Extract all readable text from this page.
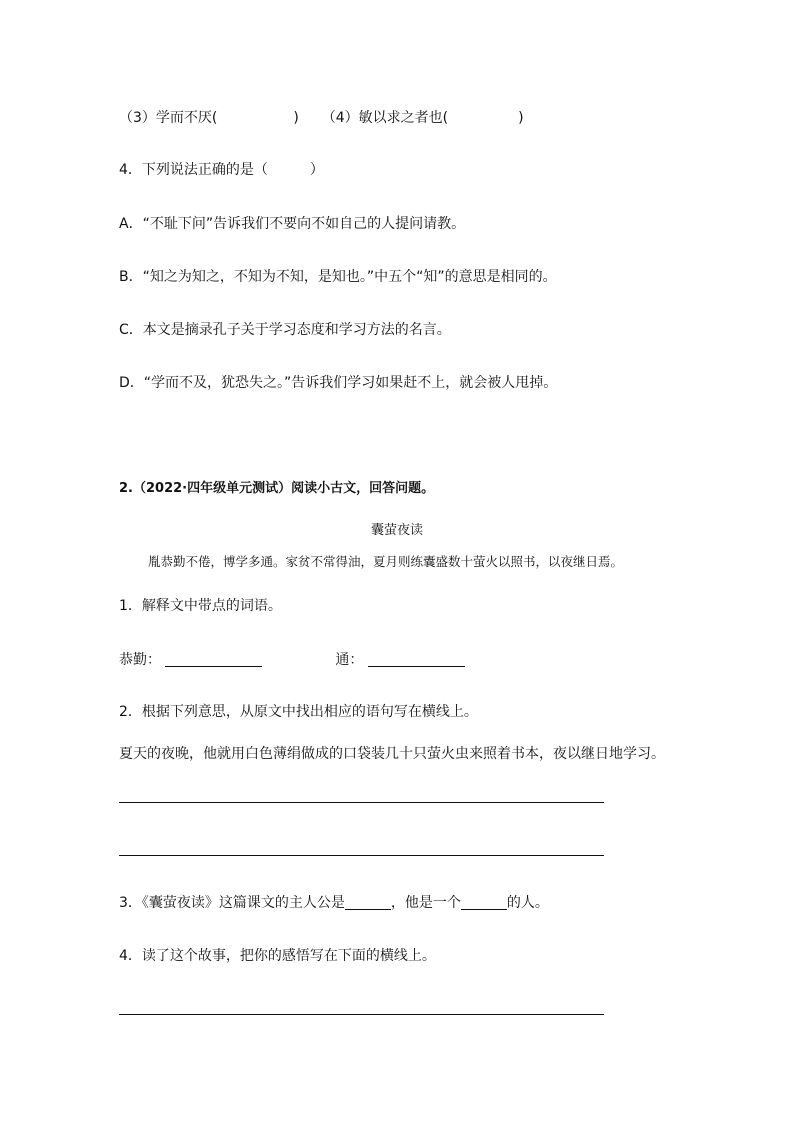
（3）学而不厌(	) （4）敏以求之者也(	)
4．下列说法正确的是（	）
A．“不耻下问”告诉我们不要向不如自己的人提问请教。
B．“知之为知之，不知为不知，是知也。”中五个“知”的意思是相同的。
C．本文是摘录孔子关于学习态度和学习方法的名言。
D．“学而不及，犹恐失之。”告诉我们学习如果赶不上，就会被人甩掉。
2.（2022·四年级单元测试）阅读小古文，回答问题。
囊萤夜读
胤恭勤不倦，博学多通。家贫不常得油，夏月则练囊盛数十萤火以照书，以夜继日焉。
1．解释文中带点的词语。
恭勤：	通：
2．根据下列意思，从原文中找出相应的语句写在横线上。
夏天的夜晚，他就用白色薄绢做成的口袋装几十只萤火虫来照着书本，夜以继日地学习。
3．《囊萤夜读》这篇课文的主人公是	，他是一个	的人。
4．读了这个故事，把你的感悟写在下面的横线上。
